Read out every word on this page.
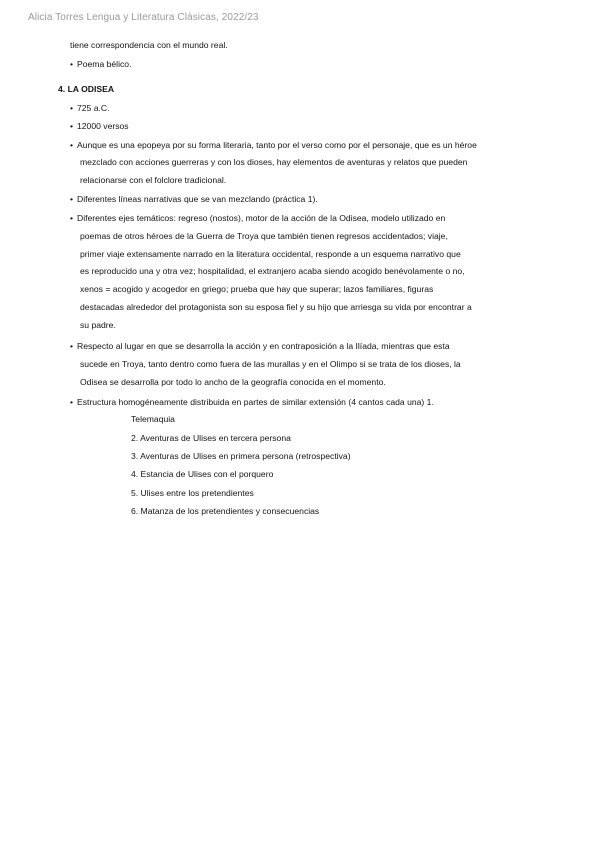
Alicia Torres Lengua y Literatura Clásicas, 2022/23
tiene correspondencia con el mundo real.
• Poema bélico.
4. LA ODISEA
• 725 a.C.
• 12000 versos
• Aunque es una epopeya por su forma literaria, tanto por el verso como por el personaje, que es un héroe
mezclado con acciones guerreras y con los dioses, hay elementos de aventuras y relatos que pueden
relacionarse con el folclore tradicional.
• Diferentes líneas narrativas que se van mezclando (práctica 1).
• Diferentes ejes temáticos: regreso (nostos), motor de la acción de la Odisea, modelo utilizado en
poemas de otros héroes de la Guerra de Troya que también tienen regresos accidentados; viaje,
primer viaje extensamente narrado en la literatura occidental, responde a un esquema narrativo que
es reproducido una y otra vez; hospitalidad, el extranjero acaba siendo acogido benévolamente o no,
xenos = acogido y acogedor en griego; prueba que hay que superar; lazos familiares, figuras
destacadas alrededor del protagonista son su esposa fiel y su hijo que arriesga su vida por encontrar a
su padre.
• Respecto al lugar en que se desarrolla la acción y en contraposición a la Ilíada, mientras que esta
sucede en Troya, tanto dentro como fuera de las murallas y en el Olimpo si se trata de los dioses, la
Odisea se desarrolla por todo lo ancho de la geografía conocida en el momento.
• Estructura homogéneamente distribuida en partes de similar extensión (4 cantos cada una) 1.
Telemaquia
2. Aventuras de Ulises en tercera persona
3. Aventuras de Ulises en primera persona (retrospectiva)
4. Estancia de Ulises con el porquero
5. Ulises entre los pretendientes
6. Matanza de los pretendientes y consecuencias
